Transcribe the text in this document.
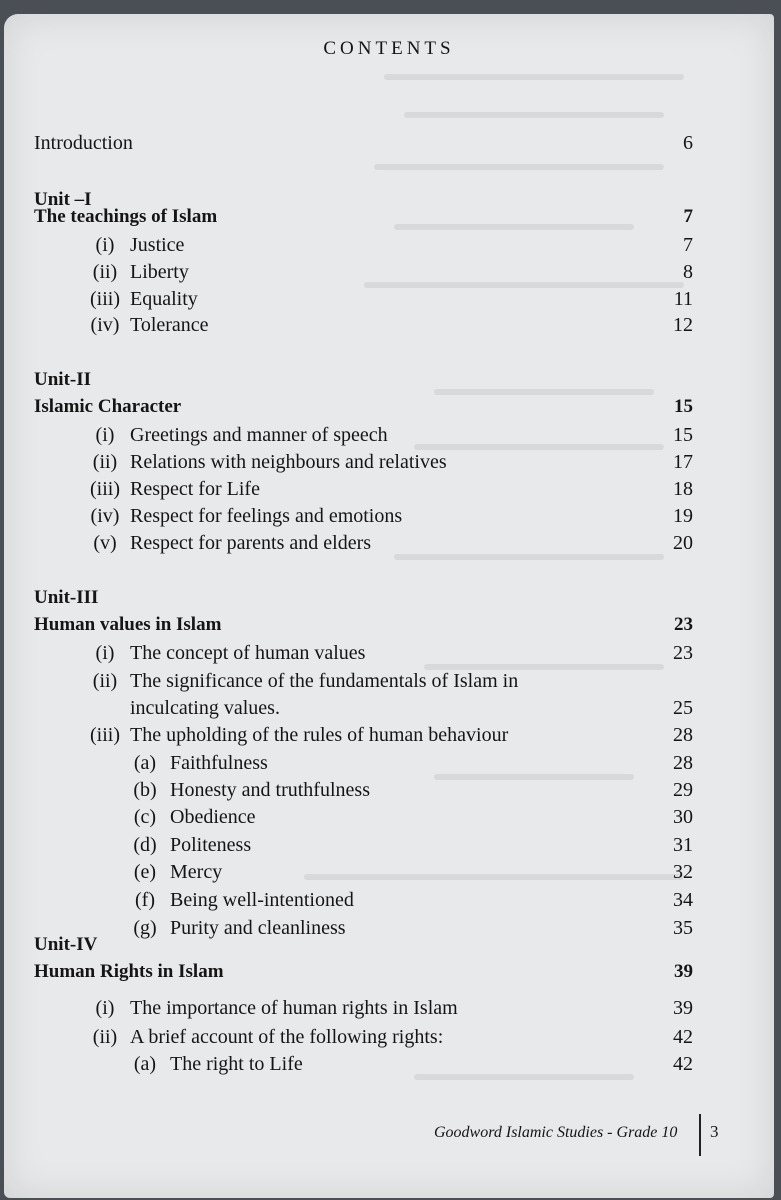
CONTENTS
Introduction	6
Unit –I
The teachings of Islam	7
(i) Justice	7
(ii) Liberty	8
(iii) Equality	11
(iv) Tolerance	12
Unit-II
Islamic Character	15
(i) Greetings and manner of speech	15
(ii) Relations with neighbours and relatives	17
(iii) Respect for Life	18
(iv) Respect for feelings and emotions	19
(v) Respect for parents and elders	20
Unit-III
Human values in Islam	23
(i) The concept of human values	23
(ii) The significance of the fundamentals of Islam in
inculcating values.	25
(iii) The upholding of the rules of human behaviour	28
(a) Faithfulness	28
(b) Honesty and truthfulness	29
(c) Obedience	30
(d) Politeness	31
(e) Mercy	32
(f) Being well-intentioned	34
(g) Purity and cleanliness	35
Unit-IV
Human Rights in Islam	39
(i) The importance of human rights in Islam	39
(ii) A brief account of the following rights:	42
(a) The right to Life	42
Goodword Islamic Studies - Grade 10 3
